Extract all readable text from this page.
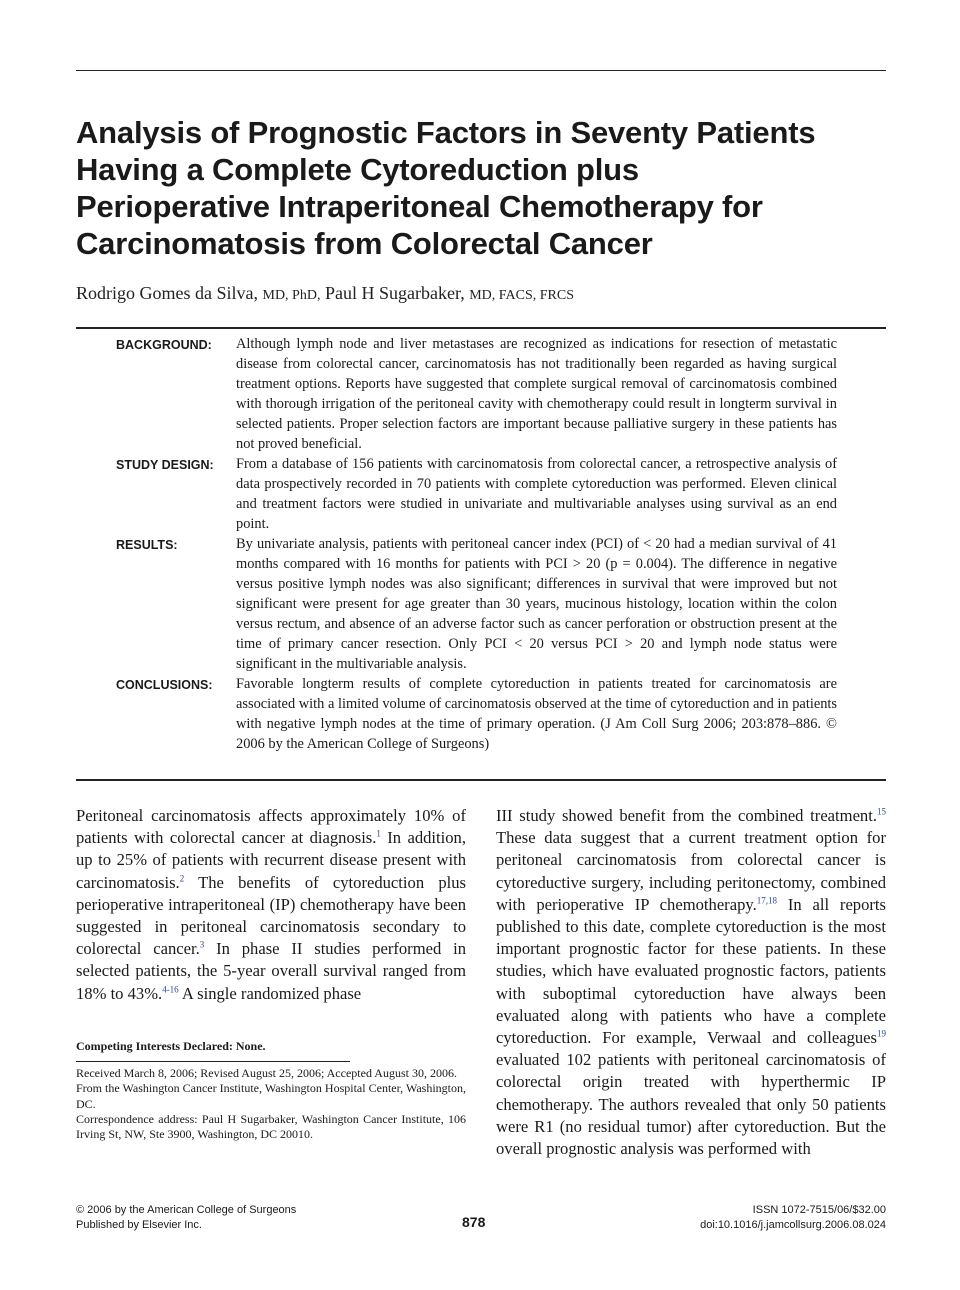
Analysis of Prognostic Factors in Seventy Patients Having a Complete Cytoreduction plus Perioperative Intraperitoneal Chemotherapy for Carcinomatosis from Colorectal Cancer
Rodrigo Gomes da Silva, MD, PhD, Paul H Sugarbaker, MD, FACS, FRCS
BACKGROUND:	Although lymph node and liver metastases are recognized as indications for resection of metastatic disease from colorectal cancer, carcinomatosis has not traditionally been regarded as having surgical treatment options. Reports have suggested that complete surgical removal of carcinomatosis combined with thorough irrigation of the peritoneal cavity with chemotherapy could result in longterm survival in selected patients. Proper selection factors are important because palliative surgery in these patients has not proved beneficial.
STUDY DESIGN:	From a database of 156 patients with carcinomatosis from colorectal cancer, a retrospective analysis of data prospectively recorded in 70 patients with complete cytoreduction was performed. Eleven clinical and treatment factors were studied in univariate and multivariable analyses using survival as an end point.
RESULTS:	By univariate analysis, patients with peritoneal cancer index (PCI) of < 20 had a median survival of 41 months compared with 16 months for patients with PCI > 20 (p = 0.004). The difference in negative versus positive lymph nodes was also significant; differences in survival that were improved but not significant were present for age greater than 30 years, mucinous histology, location within the colon versus rectum, and absence of an adverse factor such as cancer perforation or obstruction present at the time of primary cancer resection. Only PCI < 20 versus PCI > 20 and lymph node status were significant in the multivariable analysis.
CONCLUSIONS:	Favorable longterm results of complete cytoreduction in patients treated for carcinomatosis are associated with a limited volume of carcinomatosis observed at the time of cytoreduction and in patients with negative lymph nodes at the time of primary operation. (J Am Coll Surg 2006; 203:878–886. © 2006 by the American College of Surgeons)
Peritoneal carcinomatosis affects approximately 10% of patients with colorectal cancer at diagnosis.$^1$ In addition, up to 25% of patients with recurrent disease present with carcinomatosis.$^2$ The benefits of cytoreduction plus perioperative intraperitoneal (IP) chemotherapy have been suggested in peritoneal carcinomatosis secondary to colorectal cancer.$^3$ In phase II studies performed in selected patients, the 5-year overall survival ranged from 18% to 43%.$^{4-16}$ A single randomized phase
Competing Interests Declared: None.
Received March 8, 2006; Revised August 25, 2006; Accepted August 30, 2006.
From the Washington Cancer Institute, Washington Hospital Center, Washington, DC.
Correspondence address: Paul H Sugarbaker, Washington Cancer Institute, 106 Irving St, NW, Ste 3900, Washington, DC 20010.
III study showed benefit from the combined treatment.$^{15}$ These data suggest that a current treatment option for peritoneal carcinomatosis from colorectal cancer is cytoreductive surgery, including peritonectomy, combined with perioperative IP chemotherapy.$^{17,18}$ In all reports published to this date, complete cytoreduction is the most important prognostic factor for these patients. In these studies, which have evaluated prognostic factors, patients with suboptimal cytoreduction have always been evaluated along with patients who have a complete cytoreduction. For example, Verwaal and colleagues$^{19}$ evaluated 102 patients with peritoneal carcinomatosis of colorectal origin treated with hyperthermic IP chemotherapy. The authors revealed that only 50 patients were R1 (no residual tumor) after cytoreduction. But the overall prognostic analysis was performed with
© 2006 by the American College of Surgeons
Published by Elsevier Inc.	878
ISSN 1072-7515/06/$32.00
doi:10.1016/j.jamcollsurg.2006.08.024
